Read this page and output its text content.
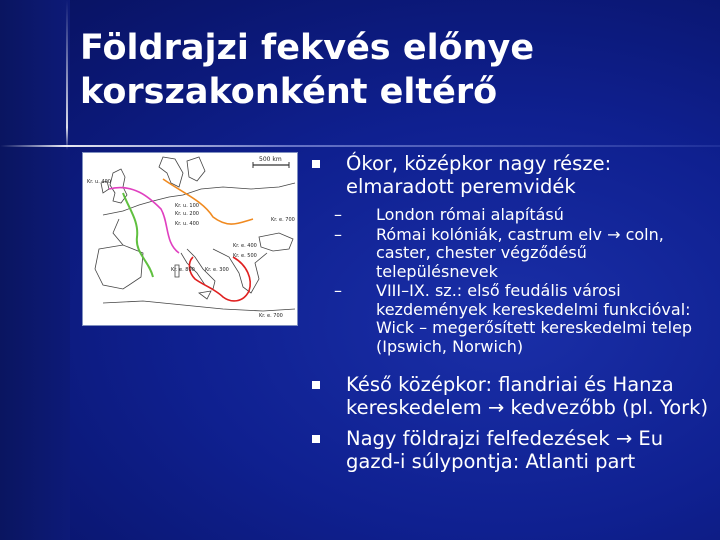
Földrajzi fekvés előnye korszakonként eltérő
500 km
Kr. u. 400
Kr. u. 100
Kr. u. 200
Kr. u. 400
Kr. e. 700
Kr. e. 400
Kr. e. 500
Kr. e. 800 Kr. e. 300
Kr. e. 700
Ókor, középkor nagy része: elmaradott peremvidék
– London római alapítású
– Római kolóniák, castrum elv → coln, caster, chester végződésű településnevek
– VIII–IX. sz.: első feudális városi kezdemények kereskedelmi funkcióval: Wick – megerősített kereskedelmi telep (Ipswich, Norwich)
Késő középkor: flandriai és Hanza kereskedelem → kedvezőbb (pl. York)
Nagy földrajzi felfedezések → Eu gazd-i súlypontja: Atlanti part
